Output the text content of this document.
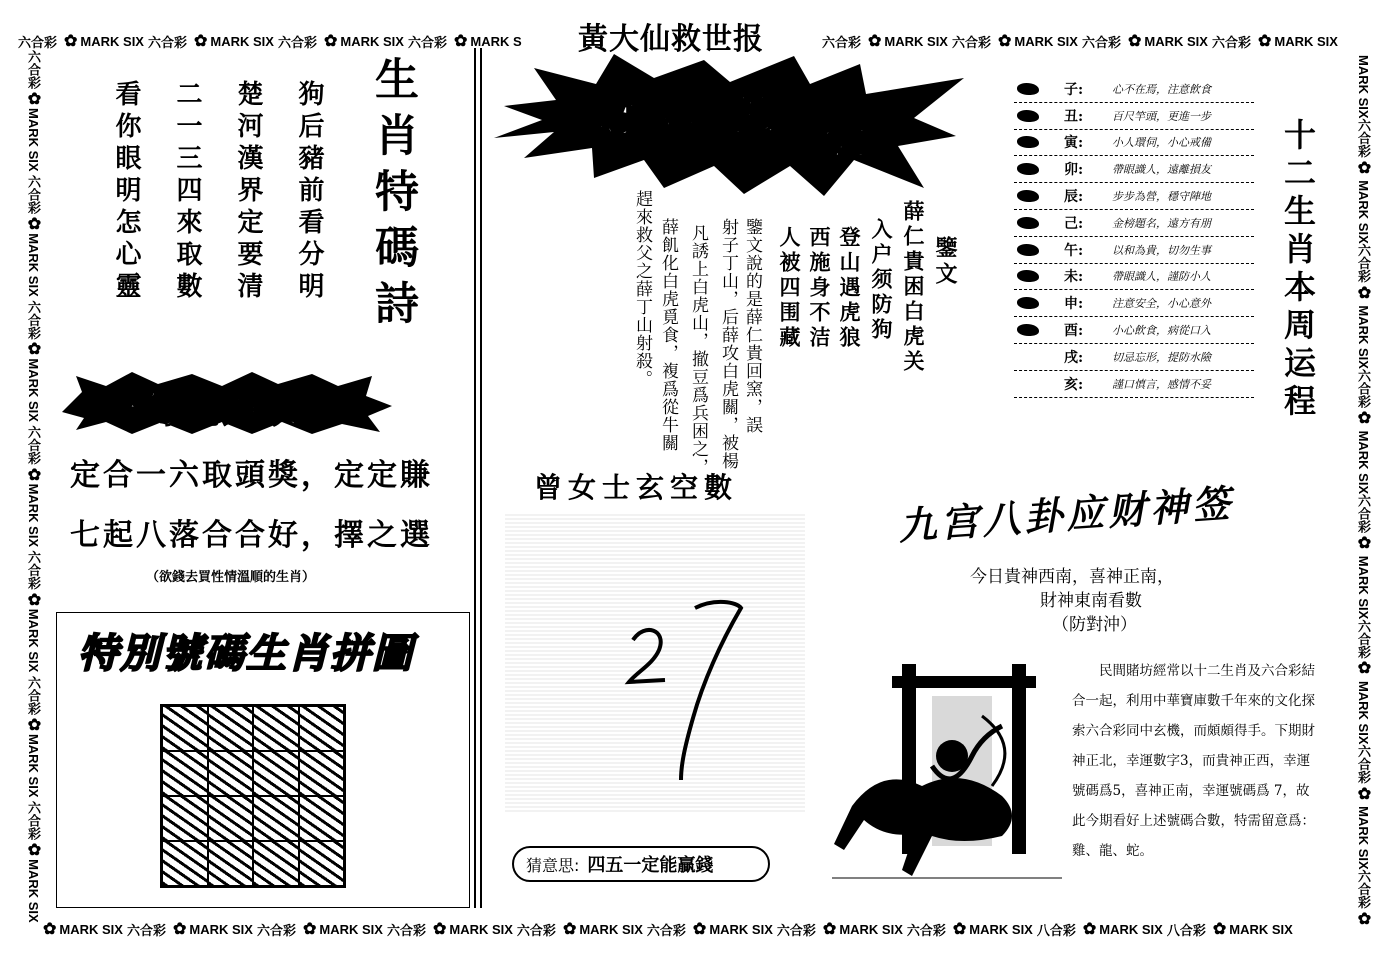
六合彩 ✿ MARK SIX 六合彩 ✿ MARK SIX 六合彩 ✿ MARK SIX 六合彩 ✿ MARK S	六合彩 ✿ MARK SIX 六合彩 ✿ MARK SIX 六合彩 ✿ MARK SIX 六合彩 ✿ MARK SIX
✿ MARK SIX 六合彩 ✿ MARK SIX 六合彩 ✿ MARK SIX 六合彩 ✿ MARK SIX 六合彩 ✿ MARK SIX 六合彩 ✿ MARK SIX 六合彩 ✿ MARK SIX 六合彩 ✿ MARK SIX 八合彩 ✿ MARK SIX 八合彩 ✿ MARK SIX
六合彩✿MARK SIX 六合彩✿MARK SIX 六合彩✿MARK SIX 六合彩✿MARK SIX 六合彩✿MARK SIX 六合彩✿MARK SIX 六合彩✿MARK SIX
MARK SIX六合彩✿ MARK SIX六合彩✿ MARK SIX六合彩✿ MARK SIX六合彩✿ MARK SIX六合彩✿ MARK SIX六合彩✿ MARK SIX六合彩✿
黃大仙救世报
狗后豬前看分明
楚河漢界定要清
二一三四來取數
看你眼明怎心靈	生肖特碼詩
一句贏錢訣
定合一六取頭獎，定定賺
七起八落合合好，擇之選
（欲錢去買性情溫順的生肖）
特別號碼生肖拼圖
財 神 錦 囊
薛仁貴困白虎关
入户须防狗
登山遇虎狼
西施身不洁
人被四围藏	鑒文
鑒文說的是薛仁貴回窯，誤
射子丁山，后薛攻白虎關，被楊
凡誘上白虎山，撤豆爲兵困之，
薛飢化白虎覓食，複爲從牛關
趕來救父之薛丁山射殺。
曾女士玄空數
猜意思: 四五一定能贏錢
子:	心不在焉，注意飲食
丑:	百尺竿頭，更進一步
寅:	小人環伺，小心戒備
卯:	帶眼識人，遠離損友
辰:	步步為營，穩守陣地
己:	金榜題名，遠方有朋
午:	以和為貴，切勿生事
未:	帶眼識人，謹防小人
申:	注意安全，小心意外
酉:	小心飲食，病從口入
戌:	切忌忘形，提防水險
亥:	謹口慎言，感情不妥 十二生肖本周运程
九宫八卦应财神签
今日貴神西南，喜神正南，
財神東南看數
（防對沖）
民間賭坊經常以十二生肖及六合彩結合一起，利用中華寶庫數千年來的文化探索六合彩同中玄機，而頗頗得手。下期財神正北，幸運數字3，而貴神正西，幸運號碼爲5，喜神正南，幸運號碼爲 7，故此今期看好上述號碼合數，特需留意爲：雞、龍、蛇。
